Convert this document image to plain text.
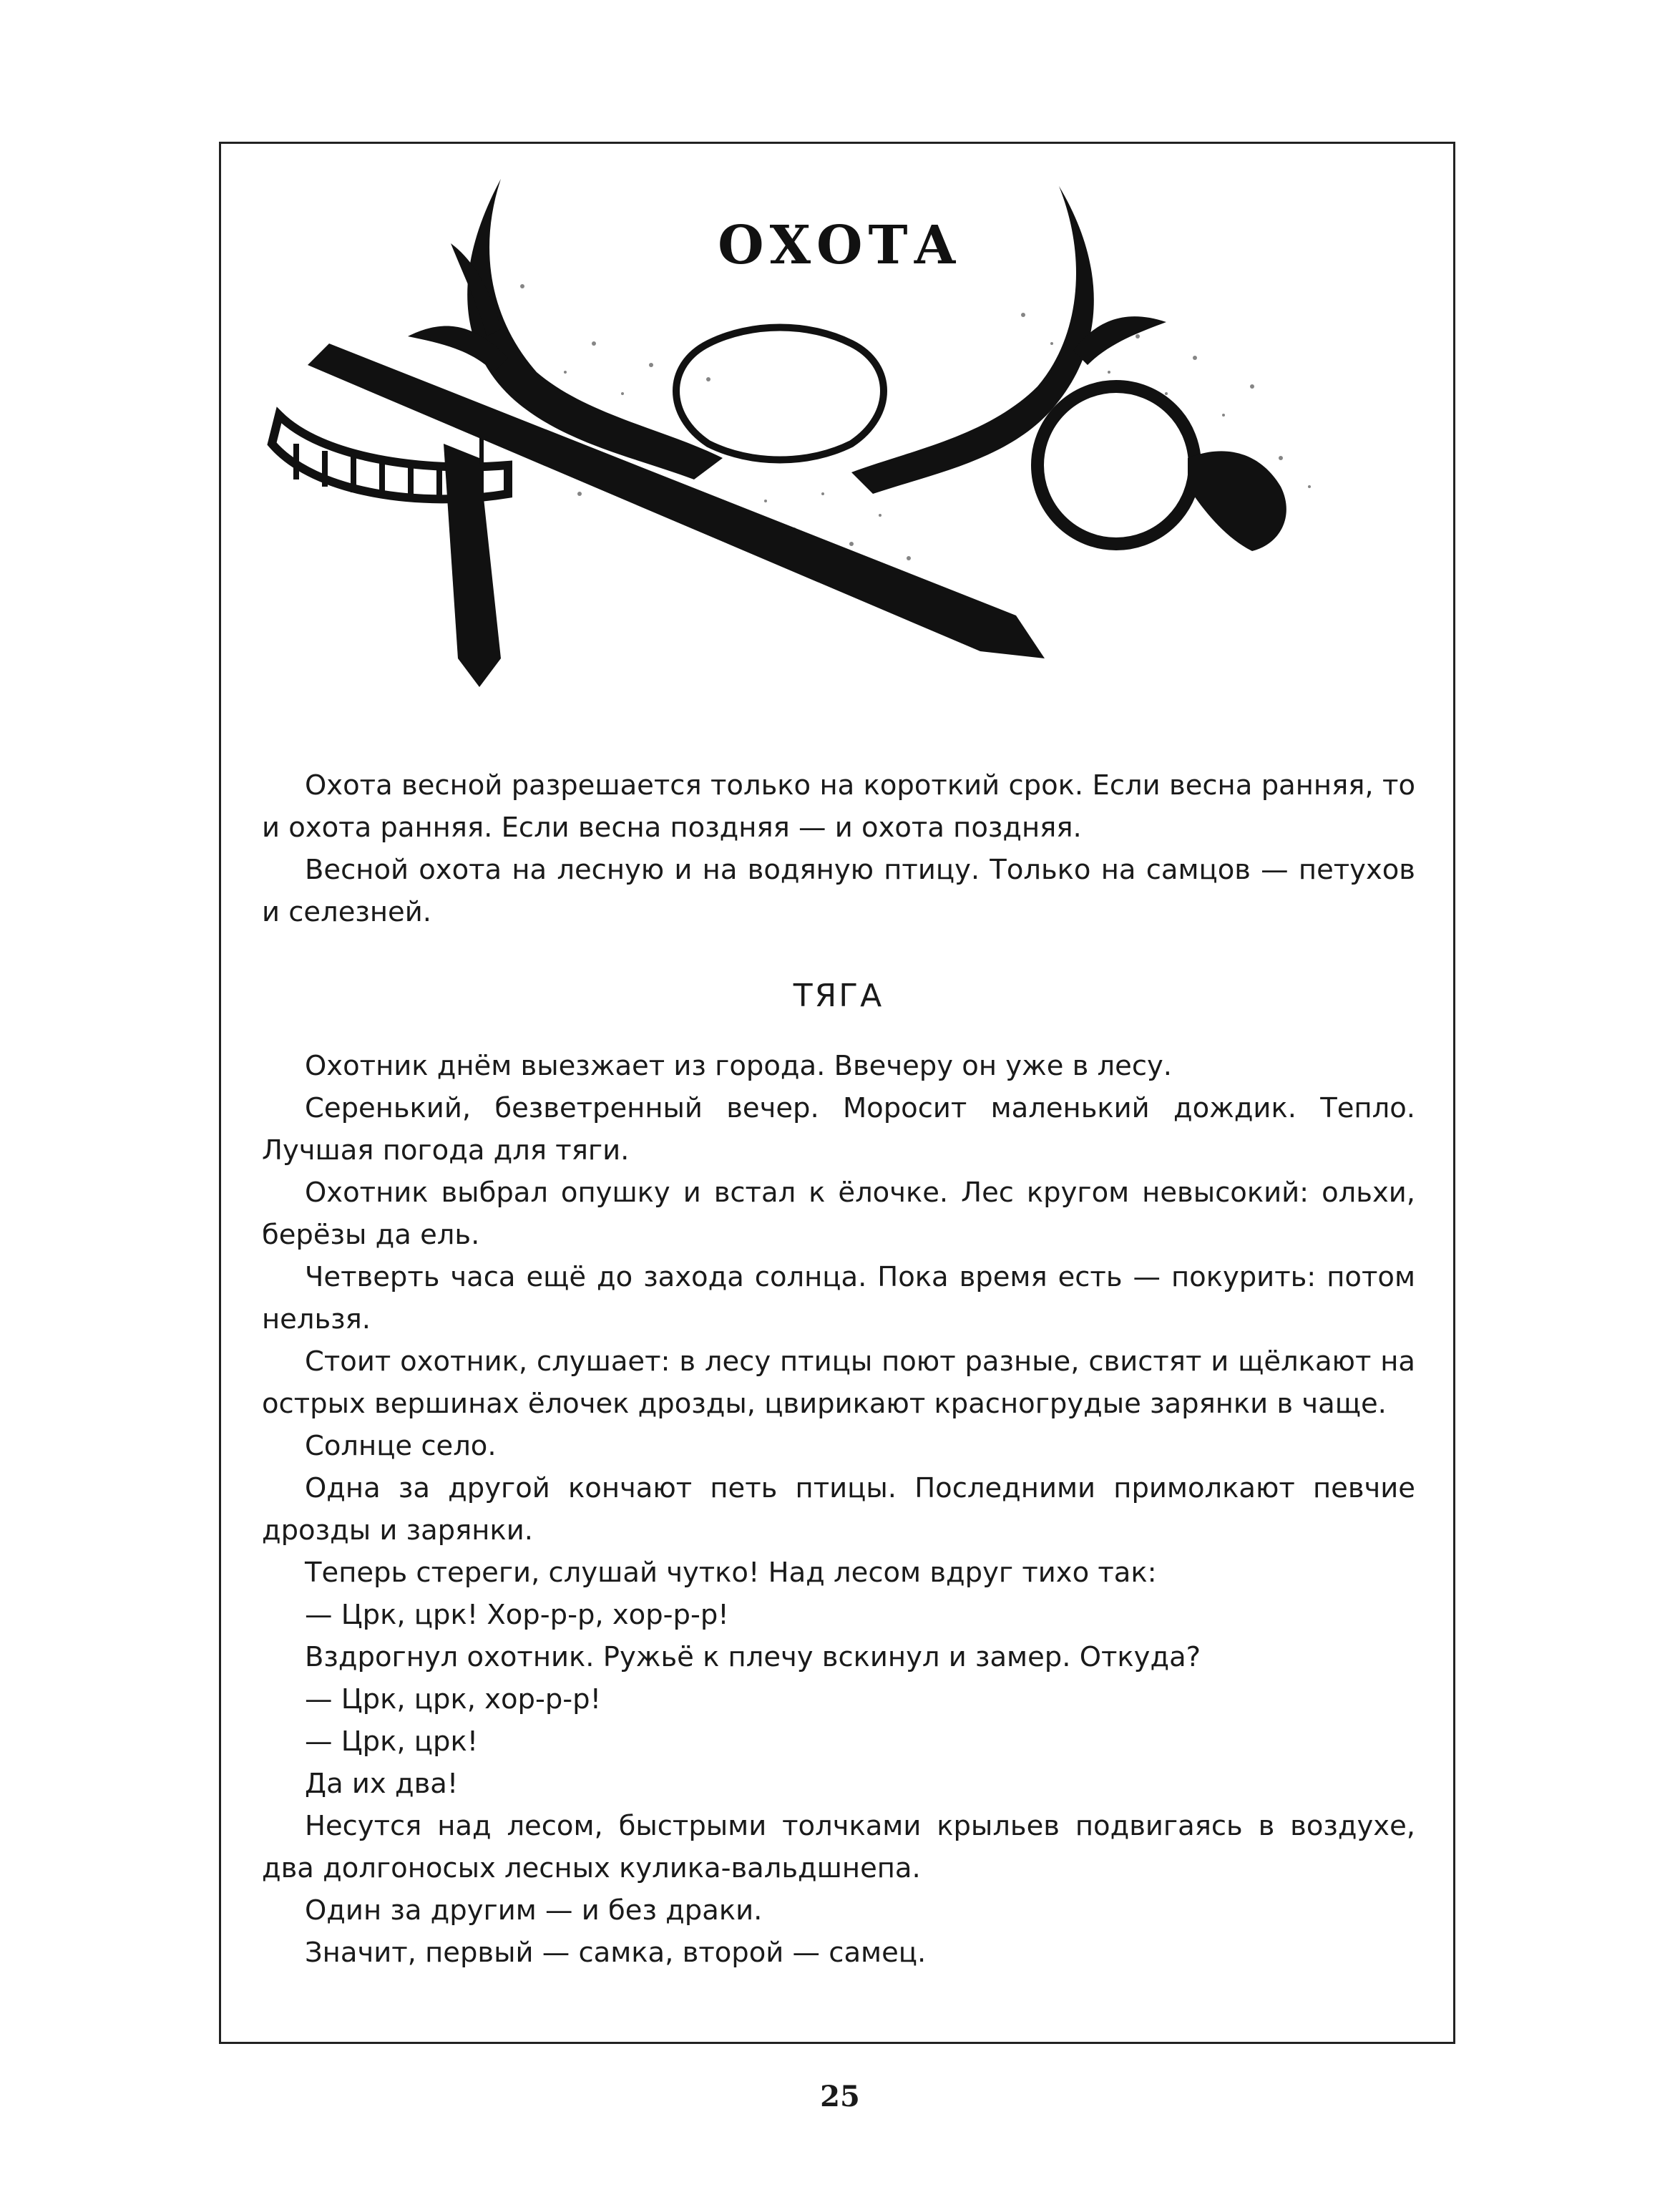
ОХОТА

Охота весной разрешается только на короткий срок. Если весна ранняя, то и охота ранняя. Если весна поздняя — и охота поздняя.

Весной охота на лесную и на водяную птицу. Только на самцов — петухов и селезней.

ТЯГА

Охотник днём выезжает из города. Ввечеру он уже в лесу.

Серенький, безветренный вечер. Моросит маленький дождик. Тепло. Лучшая погода для тяги.

Охотник выбрал опушку и встал к ёлочке. Лес кругом невысокий: ольхи, берёзы да ель.

Четверть часа ещё до захода солнца. Пока время есть — покурить: потом нельзя.

Стоит охотник, слушает: в лесу птицы поют разные, свистят и щёлкают на острых вершинах ёлочек дрозды, цвирикают красногрудые зарянки в чаще.

Солнце село.

Одна за другой кончают петь птицы. Последними примолкают певчие дрозды и зарянки.

Теперь стереги, слушай чутко! Над лесом вдруг тихо так:

— Црк, црк! Хор-р-р, хор-р-р!

Вздрогнул охотник. Ружьё к плечу вскинул и замер. Откуда?

— Црк, црк, хор-р-р!

— Црк, црк!

Да их два!

Несутся над лесом, быстрыми толчками крыльев подвигаясь в воздухе, два долгоносых лесных кулика-вальдшнепа.

Один за другим — и без драки.

Значит, первый — самка, второй — самец.

25
